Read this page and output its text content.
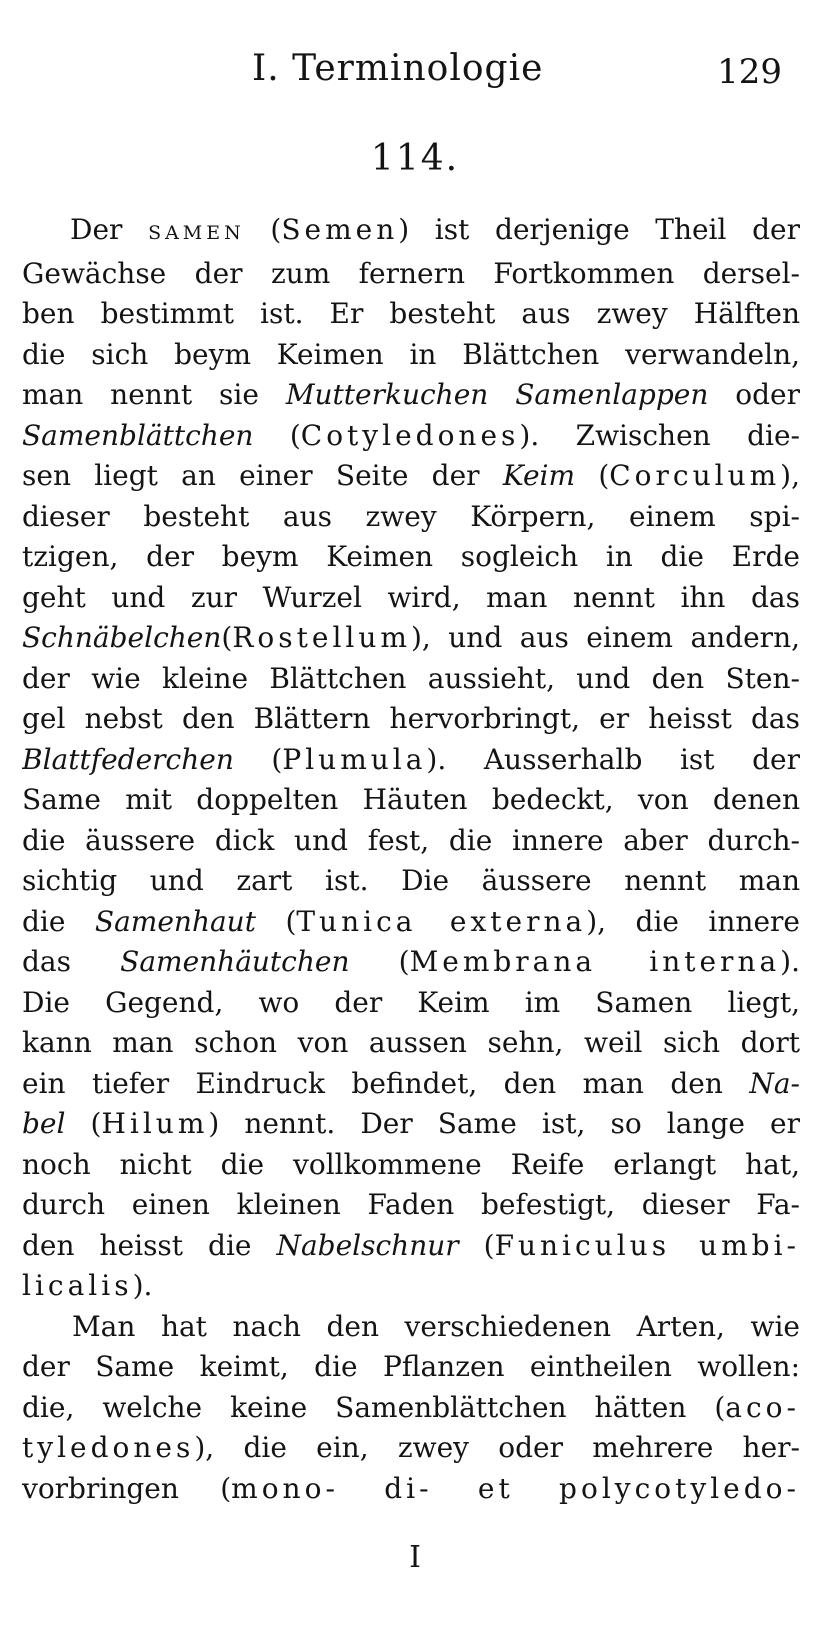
I. Terminologie	129
114.
Der SAMEN (Semen) ist derjenige Theil der
Gewächse der zum fernern Fortkommen dersel-
ben bestimmt ist. Er besteht aus zwey Hälften
die sich beym Keimen in Blättchen verwandeln,
man nennt sie Mutterkuchen Samenlappen oder
Samenblättchen (Cotyledones). Zwischen die-
sen liegt an einer Seite der Keim (Corculum),
dieser besteht aus zwey Körpern, einem spi-
tzigen, der beym Keimen sogleich in die Erde
geht und zur Wurzel wird, man nennt ihn das
Schnäbelchen(Rostellum), und aus einem andern,
der wie kleine Blättchen aussieht, und den Sten-
gel nebst den Blättern hervorbringt, er heisst das
Blattfederchen (Plumula). Ausserhalb ist der
Same mit doppelten Häuten bedeckt, von denen
die äussere dick und fest, die innere aber durch-
sichtig und zart ist. Die äussere nennt man
die Samenhaut (Tunica externa), die innere
das Samenhäutchen (Membrana interna).
Die Gegend, wo der Keim im Samen liegt,
kann man schon von aussen sehn, weil sich dort
ein tiefer Eindruck befindet, den man den Na-
bel (Hilum) nennt. Der Same ist, so lange er
noch nicht die vollkommene Reife erlangt hat,
durch einen kleinen Faden befestigt, dieser Fa-
den heisst die Nabelschnur (Funiculus umbi-
licalis).
Man hat nach den verschiedenen Arten, wie
der Same keimt, die Pflanzen eintheilen wollen:
die, welche keine Samenblättchen hätten (aco-
tyledones), die ein, zwey oder mehrere her-
vorbringen (mono- di- et polycotyledo-
I
